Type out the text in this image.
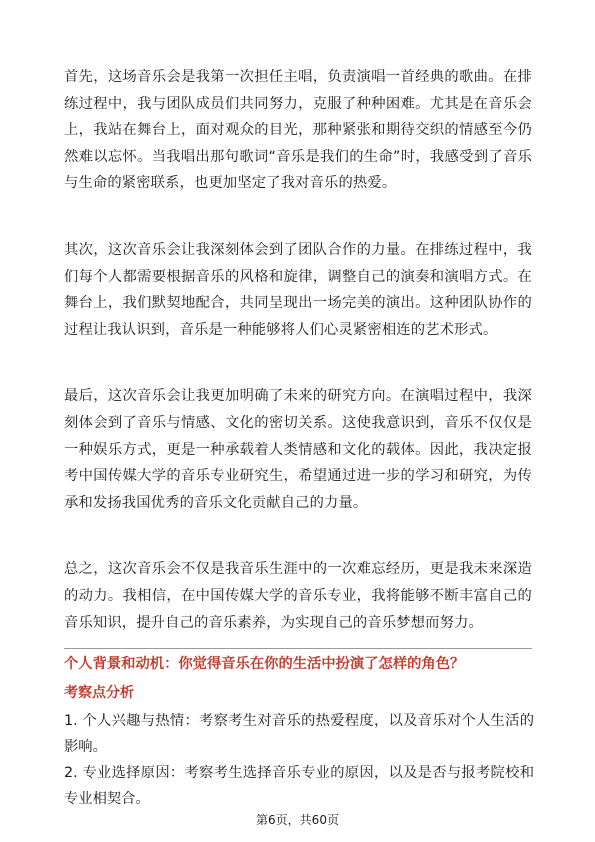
首先，这场音乐会是我第一次担任主唱，负责演唱一首经典的歌曲。在排练过程中，我与团队成员们共同努力，克服了种种困难。尤其是在音乐会上，我站在舞台上，面对观众的目光，那种紧张和期待交织的情感至今仍然难以忘怀。当我唱出那句歌词“音乐是我们的生命”时，我感受到了音乐与生命的紧密联系，也更加坚定了我对音乐的热爱。

其次，这次音乐会让我深刻体会到了团队合作的力量。在排练过程中，我们每个人都需要根据音乐的风格和旋律，调整自己的演奏和演唱方式。在舞台上，我们默契地配合，共同呈现出一场完美的演出。这种团队协作的过程让我认识到，音乐是一种能够将人们心灵紧密相连的艺术形式。

最后，这次音乐会让我更加明确了未来的研究方向。在演唱过程中，我深刻体会到了音乐与情感、文化的密切关系。这使我意识到，音乐不仅仅是一种娱乐方式，更是一种承载着人类情感和文化的载体。因此，我决定报考中国传媒大学的音乐专业研究生，希望通过进一步的学习和研究，为传承和发扬我国优秀的音乐文化贡献自己的力量。

总之，这次音乐会不仅是我音乐生涯中的一次难忘经历，更是我未来深造的动力。我相信，在中国传媒大学的音乐专业，我将能够不断丰富自己的音乐知识，提升自己的音乐素养，为实现自己的音乐梦想而努力。

个人背景和动机：你觉得音乐在你的生活中扮演了怎样的角色？
考察点分析

1. 个人兴趣与热情：考察考生对音乐的热爱程度，以及音乐对个人生活的影响。

2. 专业选择原因：考察考生选择音乐专业的原因，以及是否与报考院校和专业相契合。

第6页，共60页
